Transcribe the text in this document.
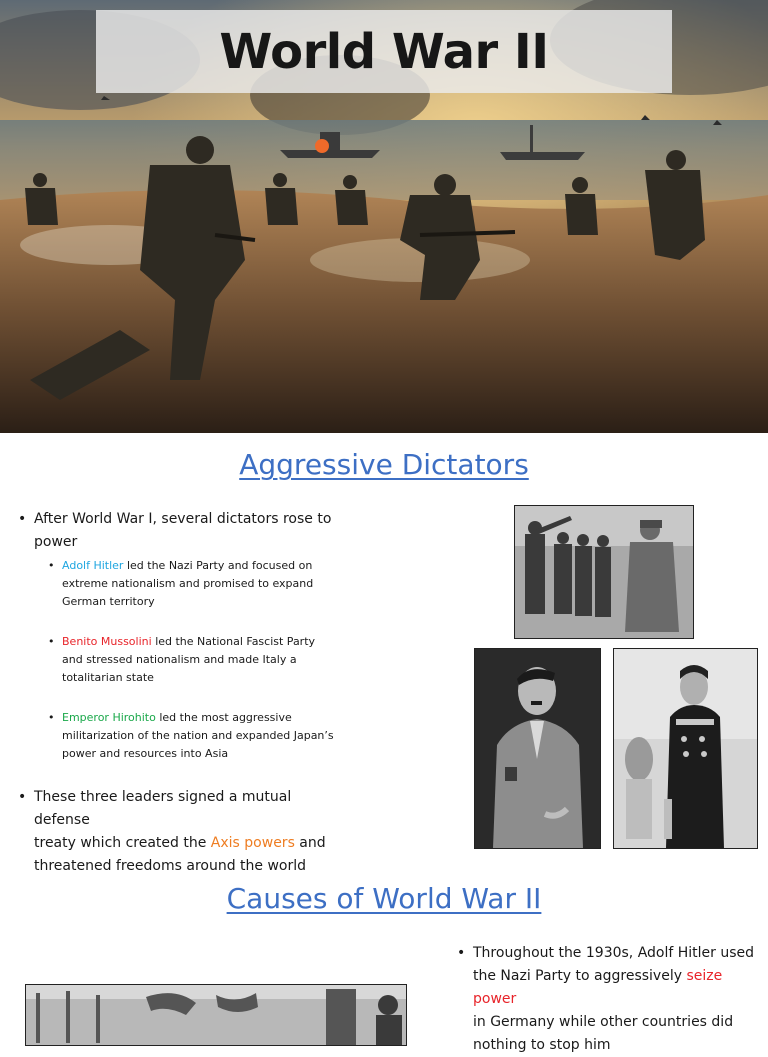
World War II
Aggressive Dictators
• After World War I, several dictators rose to
power
• Adolf Hitler led the Nazi Party and focused on
extreme nationalism and promised to expand
German territory
• Benito Mussolini led the National Fascist Party
and stressed nationalism and made Italy a
totalitarian state
• Emperor Hirohito led the most aggressive
militarization of the nation and expanded Japan’s
power and resources into Asia
• These three leaders signed a mutual defense
treaty which created the Axis powers and
threatened freedoms around the world
Causes of World War II
• Throughout the 1930s, Adolf Hitler used
the Nazi Party to aggressively seize power
in Germany while other countries did
nothing to stop him
